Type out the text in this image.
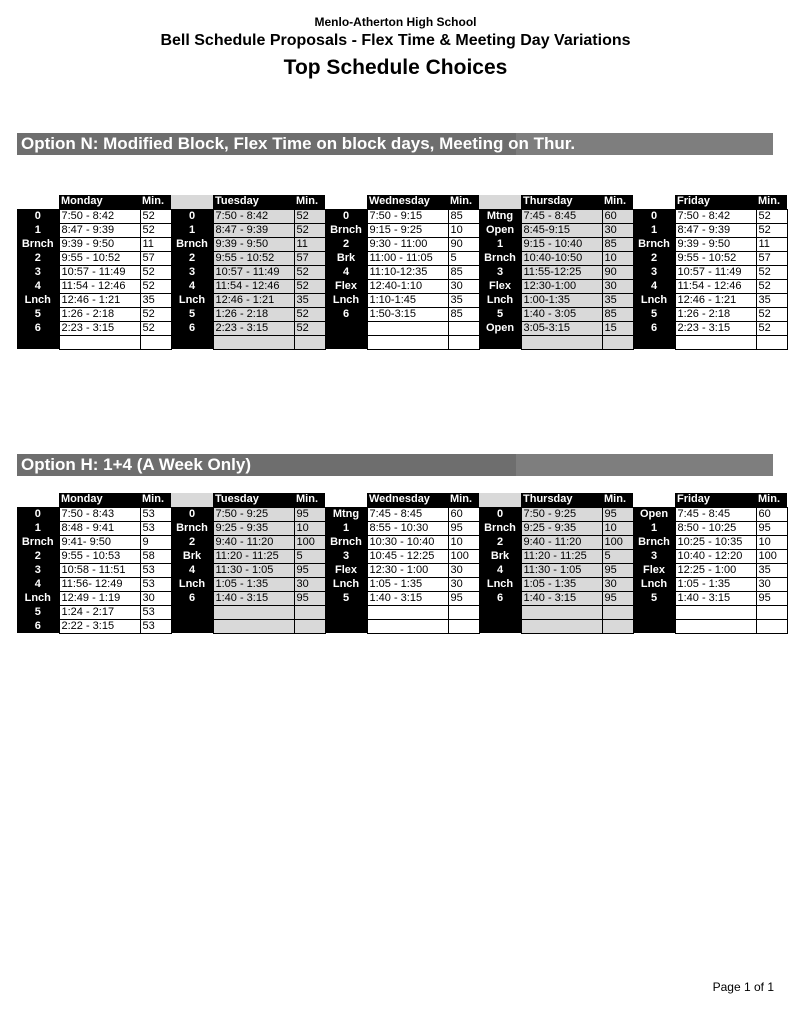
Menlo-Atherton High School
Bell Schedule Proposals - Flex Time & Meeting Day Variations
Top Schedule Choices
Option N: Modified Block, Flex Time on block days, Meeting on Thur.
	Monday	Min.		Tuesday	Min.		Wednesday	Min.		Thursday	Min.		Friday	Min.
0	7:50 - 8:42	52	0	7:50 - 8:42	52	0	7:50 - 9:15	85	Mtng	7:45 - 8:45	60	0	7:50 - 8:42	52
1	8:47 - 9:39	52	1	8:47 - 9:39	52	Brnch	9:15 - 9:25	10	Open	8:45-9:15	30	1	8:47 - 9:39	52
Brnch	9:39 - 9:50	11	Brnch	9:39 - 9:50	11	2	9:30 - 11:00	90	1	9:15 - 10:40	85	Brnch	9:39 - 9:50	11
2	9:55 - 10:52	57	2	9:55 - 10:52	57	Brk	11:00 - 11:05	5	Brnch	10:40-10:50	10	2	9:55 - 10:52	57
3	10:57 - 11:49	52	3	10:57 - 11:49	52	4	11:10-12:35	85	3	11:55-12:25	90	3	10:57 - 11:49	52
4	11:54 - 12:46	52	4	11:54 - 12:46	52	Flex	12:40-1:10	30	Flex	12:30-1:00	30	4	11:54 - 12:46	52
Lnch	12:46 - 1:21	35	Lnch	12:46 - 1:21	35	Lnch	1:10-1:45	35	Lnch	1:00-1:35	35	Lnch	12:46 - 1:21	35
5	1:26 - 2:18	52	5	1:26 - 2:18	52	6	1:50-3:15	85	5	1:40 - 3:05	85	5	1:26 - 2:18	52
6	2:23 - 3:15	52	6	2:23 - 3:15	52				Open	3:05-3:15	15	6	2:23 - 3:15	52

Option H: 1+4 (A Week Only)
	Monday	Min.		Tuesday	Min.		Wednesday	Min.		Thursday	Min.		Friday	Min.
0	7:50 - 8:43	53	0	7:50 - 9:25	95	Mtng	7:45 - 8:45	60	0	7:50 - 9:25	95	Open	7:45 - 8:45	60
1	8:48 - 9:41	53	Brnch	9:25 - 9:35	10	1	8:55 - 10:30	95	Brnch	9:25 - 9:35	10	1	8:50 - 10:25	95
Brnch	9:41- 9:50	9	2	9:40 - 11:20	100	Brnch	10:30 - 10:40	10	2	9:40 - 11:20	100	Brnch	10:25 - 10:35	10
2	9:55 - 10:53	58	Brk	11:20 - 11:25	5	3	10:45 - 12:25	100	Brk	11:20 - 11:25	5	3	10:40 - 12:20	100
3	10:58 - 11:51	53	4	11:30 - 1:05	95	Flex	12:30 - 1:00	30	4	11:30 - 1:05	95	Flex	12:25 - 1:00	35
4	11:56- 12:49	53	Lnch	1:05 - 1:35	30	Lnch	1:05 - 1:35	30	Lnch	1:05 - 1:35	30	Lnch	1:05 - 1:35	30
Lnch	12:49 - 1:19	30	6	1:40 - 3:15	95	5	1:40 - 3:15	95	6	1:40 - 3:15	95	5	1:40 - 3:15	95
5	1:24 - 2:17	53												
6	2:22 - 3:15	53												
Page 1 of 1
